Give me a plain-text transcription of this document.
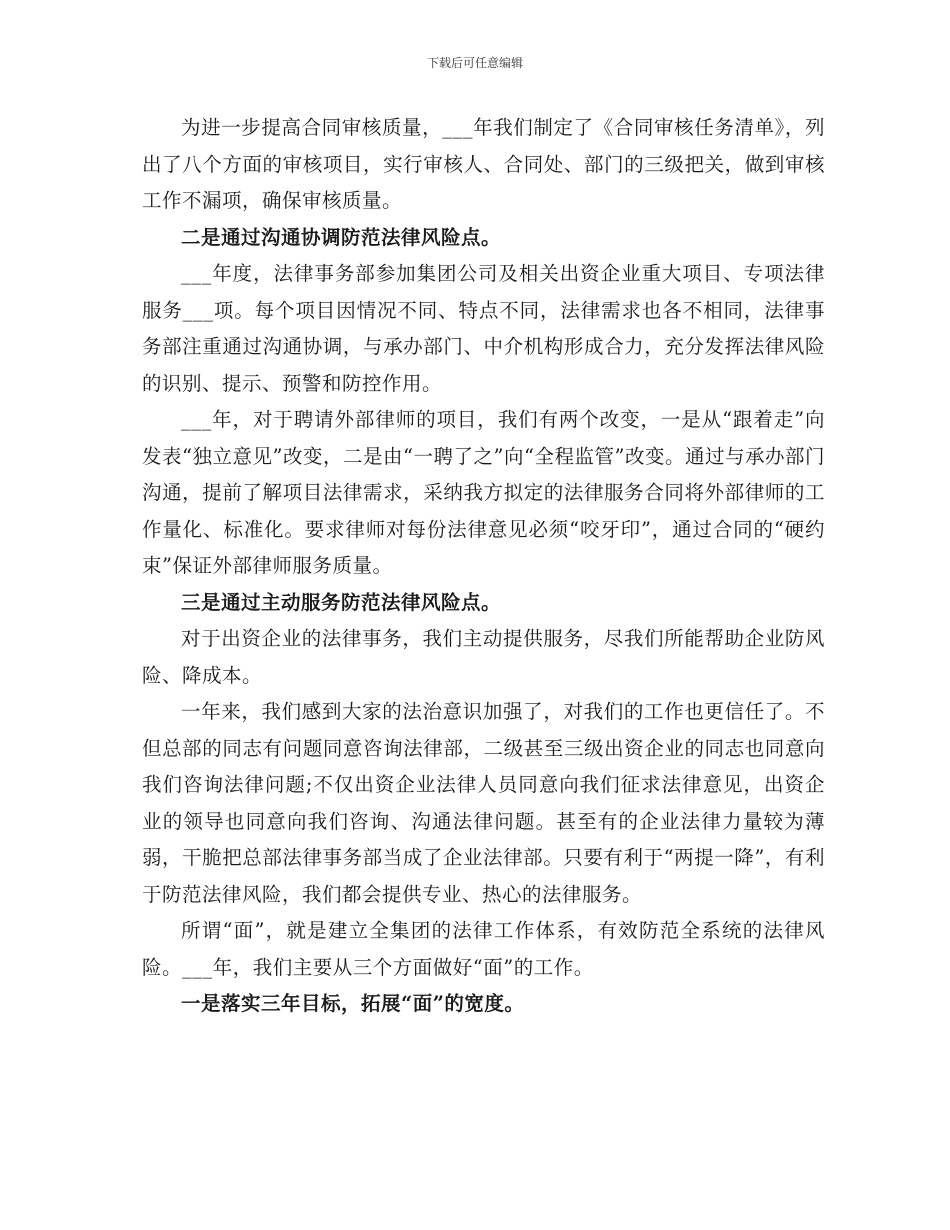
下载后可任意编辑

为进一步提高合同审核质量，___年我们制定了《合同审核任务清单》，列出了八个方面的审核项目，实行审核人、合同处、部门的三级把关，做到审核工作不漏项，确保审核质量。

二是通过沟通协调防范法律风险点。

___年度，法律事务部参加集团公司及相关出资企业重大项目、专项法律服务___项。每个项目因情况不同、特点不同，法律需求也各不相同，法律事务部注重通过沟通协调，与承办部门、中介机构形成合力，充分发挥法律风险的识别、提示、预警和防控作用。

___年，对于聘请外部律师的项目，我们有两个改变，一是从“跟着走”向发表“独立意见”改变，二是由“一聘了之”向“全程监管”改变。通过与承办部门沟通，提前了解项目法律需求，采纳我方拟定的法律服务合同将外部律师的工作量化、标准化。要求律师对每份法律意见必须“咬牙印”，通过合同的“硬约束”保证外部律师服务质量。

三是通过主动服务防范法律风险点。

对于出资企业的法律事务，我们主动提供服务，尽我们所能帮助企业防风险、降成本。

一年来，我们感到大家的法治意识加强了，对我们的工作也更信任了。不但总部的同志有问题同意咨询法律部，二级甚至三级出资企业的同志也同意向我们咨询法律问题;不仅出资企业法律人员同意向我们征求法律意见，出资企业的领导也同意向我们咨询、沟通法律问题。甚至有的企业法律力量较为薄弱，干脆把总部法律事务部当成了企业法律部。只要有利于“两提一降”，有利于防范法律风险，我们都会提供专业、热心的法律服务。

所谓“面”，就是建立全集团的法律工作体系，有效防范全系统的法律风险。___年，我们主要从三个方面做好“面”的工作。

一是落实三年目标，拓展“面”的宽度。
